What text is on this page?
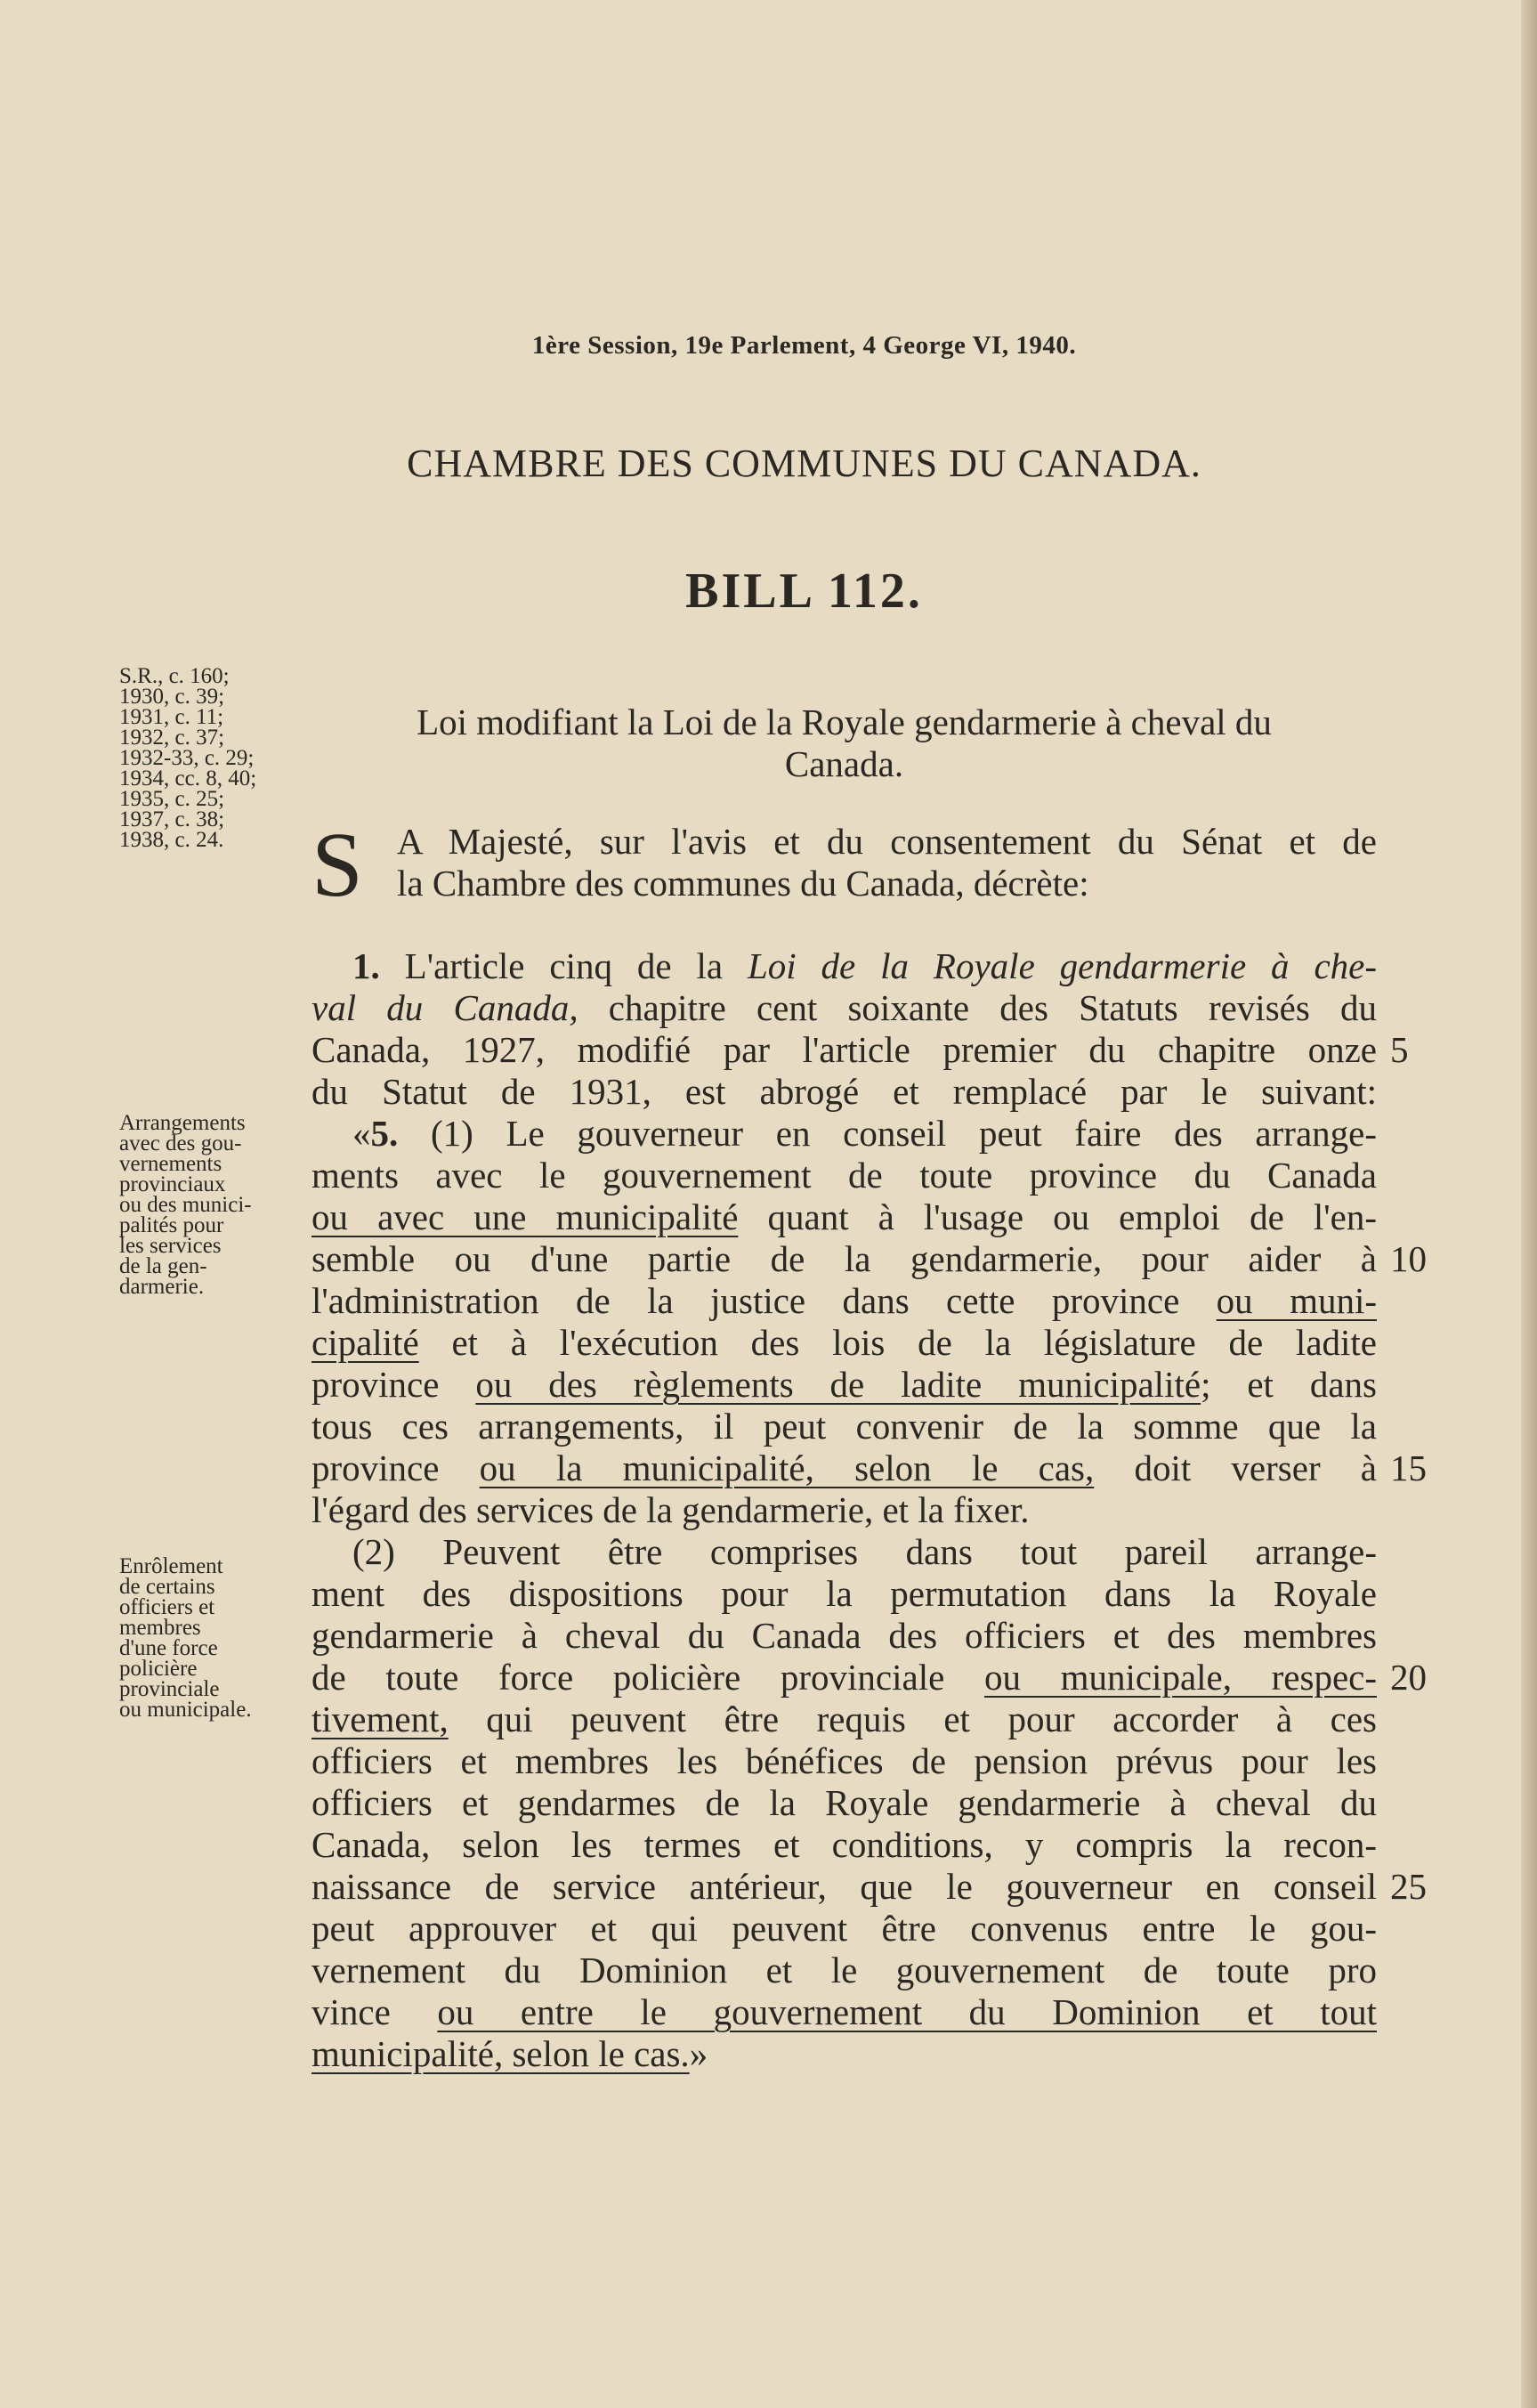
1ère Session, 19e Parlement, 4 George VI, 1940.
CHAMBRE DES COMMUNES DU CANADA.
BILL 112.
S.R., c. 160;
1930, c. 39;
1931, c. 11;
1932, c. 37;
1932-33, c. 29;
1934, cc. 8, 40;
1935, c. 25;
1937, c. 38;
1938, c. 24.
Arrangements
avec des gou-
vernements
provinciaux
ou des munici-
palités pour
les services
de la gen-
darmerie.
Enrôlement
de certains
officiers et
membres
d'une force
policière
provinciale
ou municipale.
Loi modifiant la Loi de la Royale gendarmerie à cheval du
Canada.
S A Majesté, sur l'avis et du consentement du Sénat et de
la Chambre des communes du Canada, décrète:
1. L'article cinq de la Loi de la Royale gendarmerie à che-
val du Canada, chapitre cent soixante des Statuts revisés du
Canada, 1927, modifié par l'article premier du chapitre onze
du Statut de 1931, est abrogé et remplacé par le suivant:
«5. (1) Le gouverneur en conseil peut faire des arrange-
ments avec le gouvernement de toute province du Canada
ou avec une municipalité quant à l'usage ou emploi de l'en-
semble ou d'une partie de la gendarmerie, pour aider à
l'administration de la justice dans cette province ou muni-
cipalité et à l'exécution des lois de la législature de ladite
province ou des règlements de ladite municipalité; et dans
tous ces arrangements, il peut convenir de la somme que la
province ou la municipalité, selon le cas, doit verser à
l'égard des services de la gendarmerie, et la fixer.
(2) Peuvent être comprises dans tout pareil arrange-
ment des dispositions pour la permutation dans la Royale
gendarmerie à cheval du Canada des officiers et des membres
de toute force policière provinciale ou municipale, respec-
tivement, qui peuvent être requis et pour accorder à ces
officiers et membres les bénéfices de pension prévus pour les
officiers et gendarmes de la Royale gendarmerie à cheval du
Canada, selon les termes et conditions, y compris la recon-
naissance de service antérieur, que le gouverneur en conseil
peut approuver et qui peuvent être convenus entre le gou-
vernement du Dominion et le gouvernement de toute pro
vince ou entre le gouvernement du Dominion et tout
municipalité, selon le cas.»
5
10
15
20
25
